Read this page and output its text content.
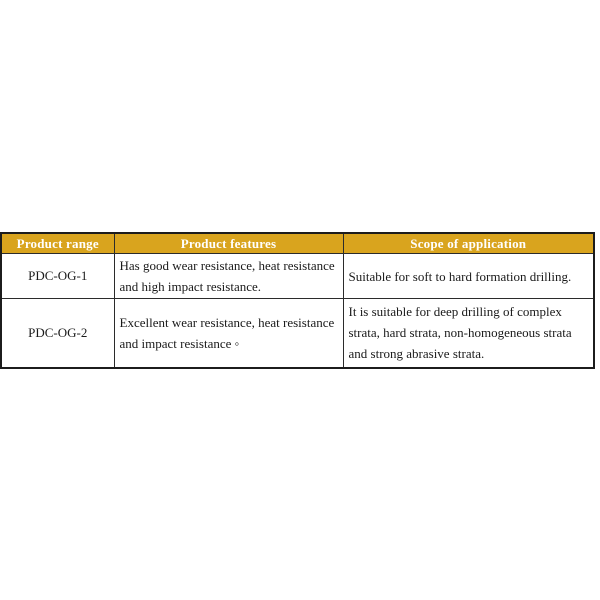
Product range	Product features	Scope of application
PDC-OG-1	Has good wear resistance, heat resistance and high impact resistance.	Suitable for soft to hard formation drilling.
PDC-OG-2	Excellent wear resistance, heat resistance and impact resistance ◦	It is suitable for deep drilling of complex strata, hard strata, non-homogeneous strata and strong abrasive strata.
